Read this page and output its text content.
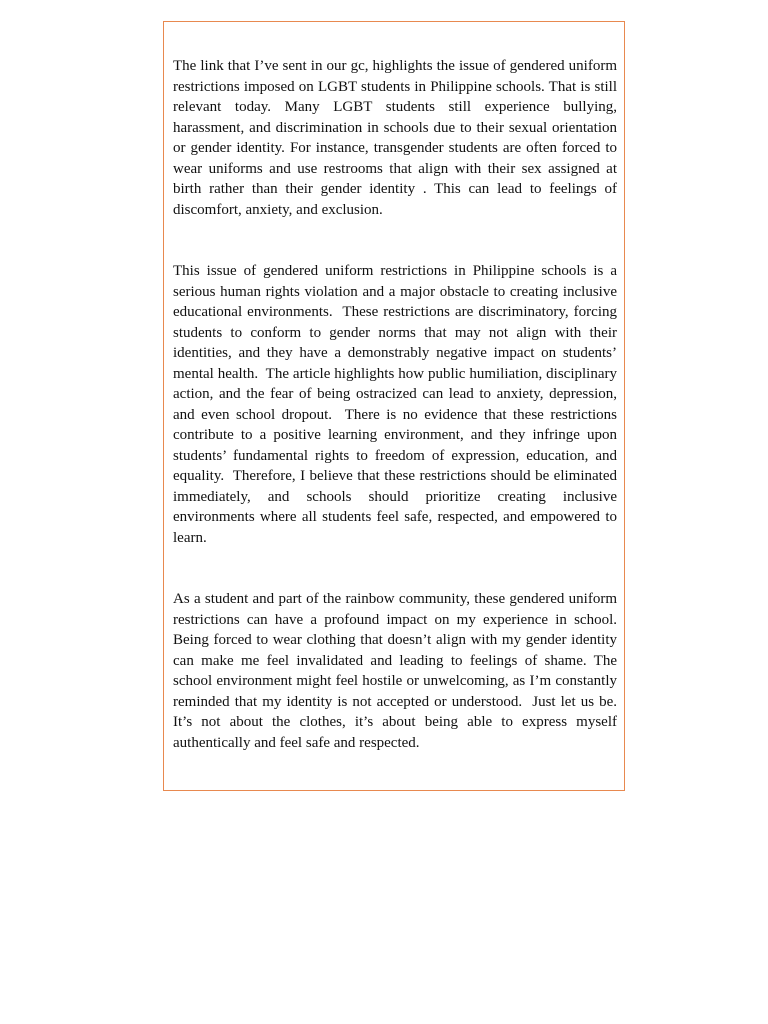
The link that I’ve sent in our gc, highlights the issue of gendered uniform restrictions imposed on LGBT students in Philippine schools. That is still relevant today. Many LGBT students still experience bullying, harassment, and discrimination in schools due to their sexual orientation or gender identity. For instance, transgender students are often forced to wear uniforms and use restrooms that align with their sex assigned at birth rather than their gender identity . This can lead to feelings of discomfort, anxiety, and exclusion.

This issue of gendered uniform restrictions in Philippine schools is a serious human rights violation and a major obstacle to creating inclusive educational environments.  These restrictions are discriminatory, forcing students to conform to gender norms that may not align with their identities, and they have a demonstrably negative impact on students’ mental health.  The article highlights how public humiliation, disciplinary action, and the fear of being ostracized can lead to anxiety, depression, and even school dropout.  There is no evidence that these restrictions contribute to a positive learning environment, and they infringe upon students’ fundamental rights to freedom of expression, education, and equality.  Therefore, I believe that these restrictions should be eliminated immediately, and schools should prioritize creating inclusive environments where all students feel safe, respected, and empowered to learn.

As a student and part of the rainbow community, these gendered uniform restrictions can have a profound impact on my experience in school. Being forced to wear clothing that doesn’t align with my gender identity can make me feel invalidated and leading to feelings of shame. The school environment might feel hostile or unwelcoming, as I’m constantly reminded that my identity is not accepted or understood.  Just let us be. It’s not about the clothes, it’s about being able to express myself authentically and feel safe and respected.
